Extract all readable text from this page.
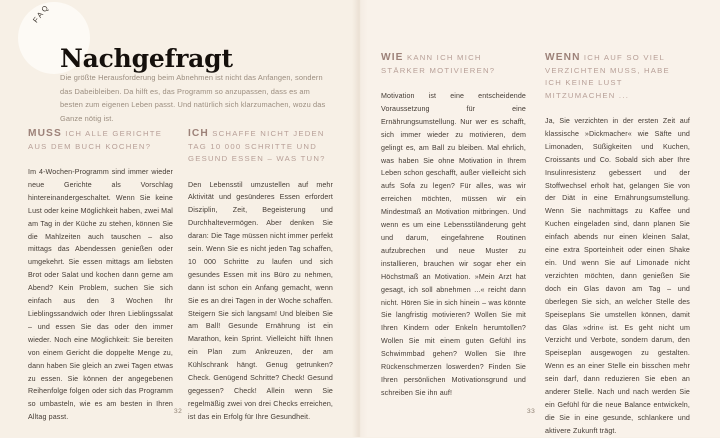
FAQ
Nachgefragt

Die größte Herausforderung beim Abnehmen ist nicht das Anfangen, sondern das Dabeibleiben. Da hilft es, das Programm so anzupassen, dass es am besten zum eigenen Leben passt. Und natürlich sich klarzumachen, wozu das Ganze nötig ist.

MUSS ICH ALLE GERICHTE AUS DEM BUCH KOCHEN?

Im 4-Wochen-Programm sind immer wieder neue Gerichte als Vorschlag hintereinandergeschaltet. Wenn Sie keine Lust oder keine Möglichkeit haben, zwei Mal am Tag in der Küche zu stehen, können Sie die Mahlzeiten auch tauschen – also mittags das Abendessen genießen oder umgekehrt. Sie essen mittags am liebsten Brot oder Salat und kochen dann gerne am Abend? Kein Problem, suchen Sie sich einfach aus den 3 Wochen Ihr Lieblingssandwich oder Ihren Lieblingssalat – und essen Sie das oder den immer wieder. Noch eine Möglichkeit: Sie bereiten von einem Gericht die doppelte Menge zu, dann haben Sie gleich an zwei Tagen etwas zu essen. Sie können der angegebenen Reihenfolge folgen oder sich das Programm so umbasteln, wie es am besten in Ihren Alltag passt.

ICH SCHAFFE NICHT JEDEN TAG 10 000 SCHRITTE UND GESUND ESSEN – WAS TUN?

Den Lebensstil umzustellen auf mehr Aktivität und gesünderes Essen erfordert Disziplin, Zeit, Begeisterung und Durchhaltevermögen. Aber denken Sie daran: Die Tage müssen nicht immer perfekt sein. Wenn Sie es nicht jeden Tag schaffen, 10 000 Schritte zu laufen und sich gesundes Essen mit ins Büro zu nehmen, dann ist schon ein Anfang gemacht, wenn Sie es an drei Tagen in der Woche schaffen. Steigern Sie sich langsam! Und bleiben Sie am Ball! Gesunde Ernährung ist ein Marathon, kein Sprint. Vielleicht hilft Ihnen ein Plan zum Ankreuzen, der am Kühlschrank hängt. Genug getrunken? Check. Genügend Schritte? Check! Gesund gegessen? Check! Allein wenn Sie regelmäßig zwei von drei Checks erreichen, ist das ein Erfolg für Ihre Gesundheit.

WIE KANN ICH MICH STÄRKER MOTIVIEREN?

Motivation ist eine entscheidende Voraussetzung für eine Ernährungsumstellung. Nur wer es schafft, sich immer wieder zu motivieren, dem gelingt es, am Ball zu bleiben. Mal ehrlich, was haben Sie ohne Motivation in Ihrem Leben schon geschafft, außer vielleicht sich aufs Sofa zu legen? Für alles, was wir erreichen möchten, müssen wir ein Mindestmaß an Motivation mitbringen. Und wenn es um eine Lebensstiländerung geht und darum, eingefahrene Routinen aufzubrechen und neue Muster zu installieren, brauchen wir sogar eher ein Höchstmaß an Motivation. »Mein Arzt hat gesagt, ich soll abnehmen ...« reicht dann nicht. Hören Sie in sich hinein – was könnte Sie langfristig motivieren? Wollen Sie mit Ihren Kindern oder Enkeln herumtollen? Wollen Sie mit einem guten Gefühl ins Schwimmbad gehen? Wollen Sie Ihre Rückenschmerzen loswerden? Finden Sie Ihren persönlichen Motivationsgrund und schreiben Sie ihn auf!

WENN ICH AUF SO VIEL VERZICHTEN MUSS, HABE ICH KEINE LUST MITZUMACHEN ...

Ja, Sie verzichten in der ersten Zeit auf klassische »Dickmacher« wie Säfte und Limonaden, Süßigkeiten und Kuchen, Croissants und Co. Sobald sich aber Ihre Insulinresistenz gebessert und der Stoffwechsel erholt hat, gelangen Sie von der Diät in eine Ernährungsumstellung. Wenn Sie nachmittags zu Kaffee und Kuchen eingeladen sind, dann planen Sie einfach abends nur einen kleinen Salat, eine extra Sporteinheit oder einen Shake ein. Und wenn Sie auf Limonade nicht verzichten möchten, dann genießen Sie doch ein Glas davon am Tag – und überlegen Sie sich, an welcher Stelle des Speiseplans Sie umstellen können, damit das Glas »drin« ist. Es geht nicht um Verzicht und Verbote, sondern darum, den Speiseplan ausgewogen zu gestalten. Wenn es an einer Stelle ein bisschen mehr sein darf, dann reduzieren Sie eben an anderer Stelle. Nach und nach werden Sie ein Gefühl für die neue Balance entwickeln, die Sie in eine gesunde, schlankere und aktivere Zukunft trägt.

32	33
